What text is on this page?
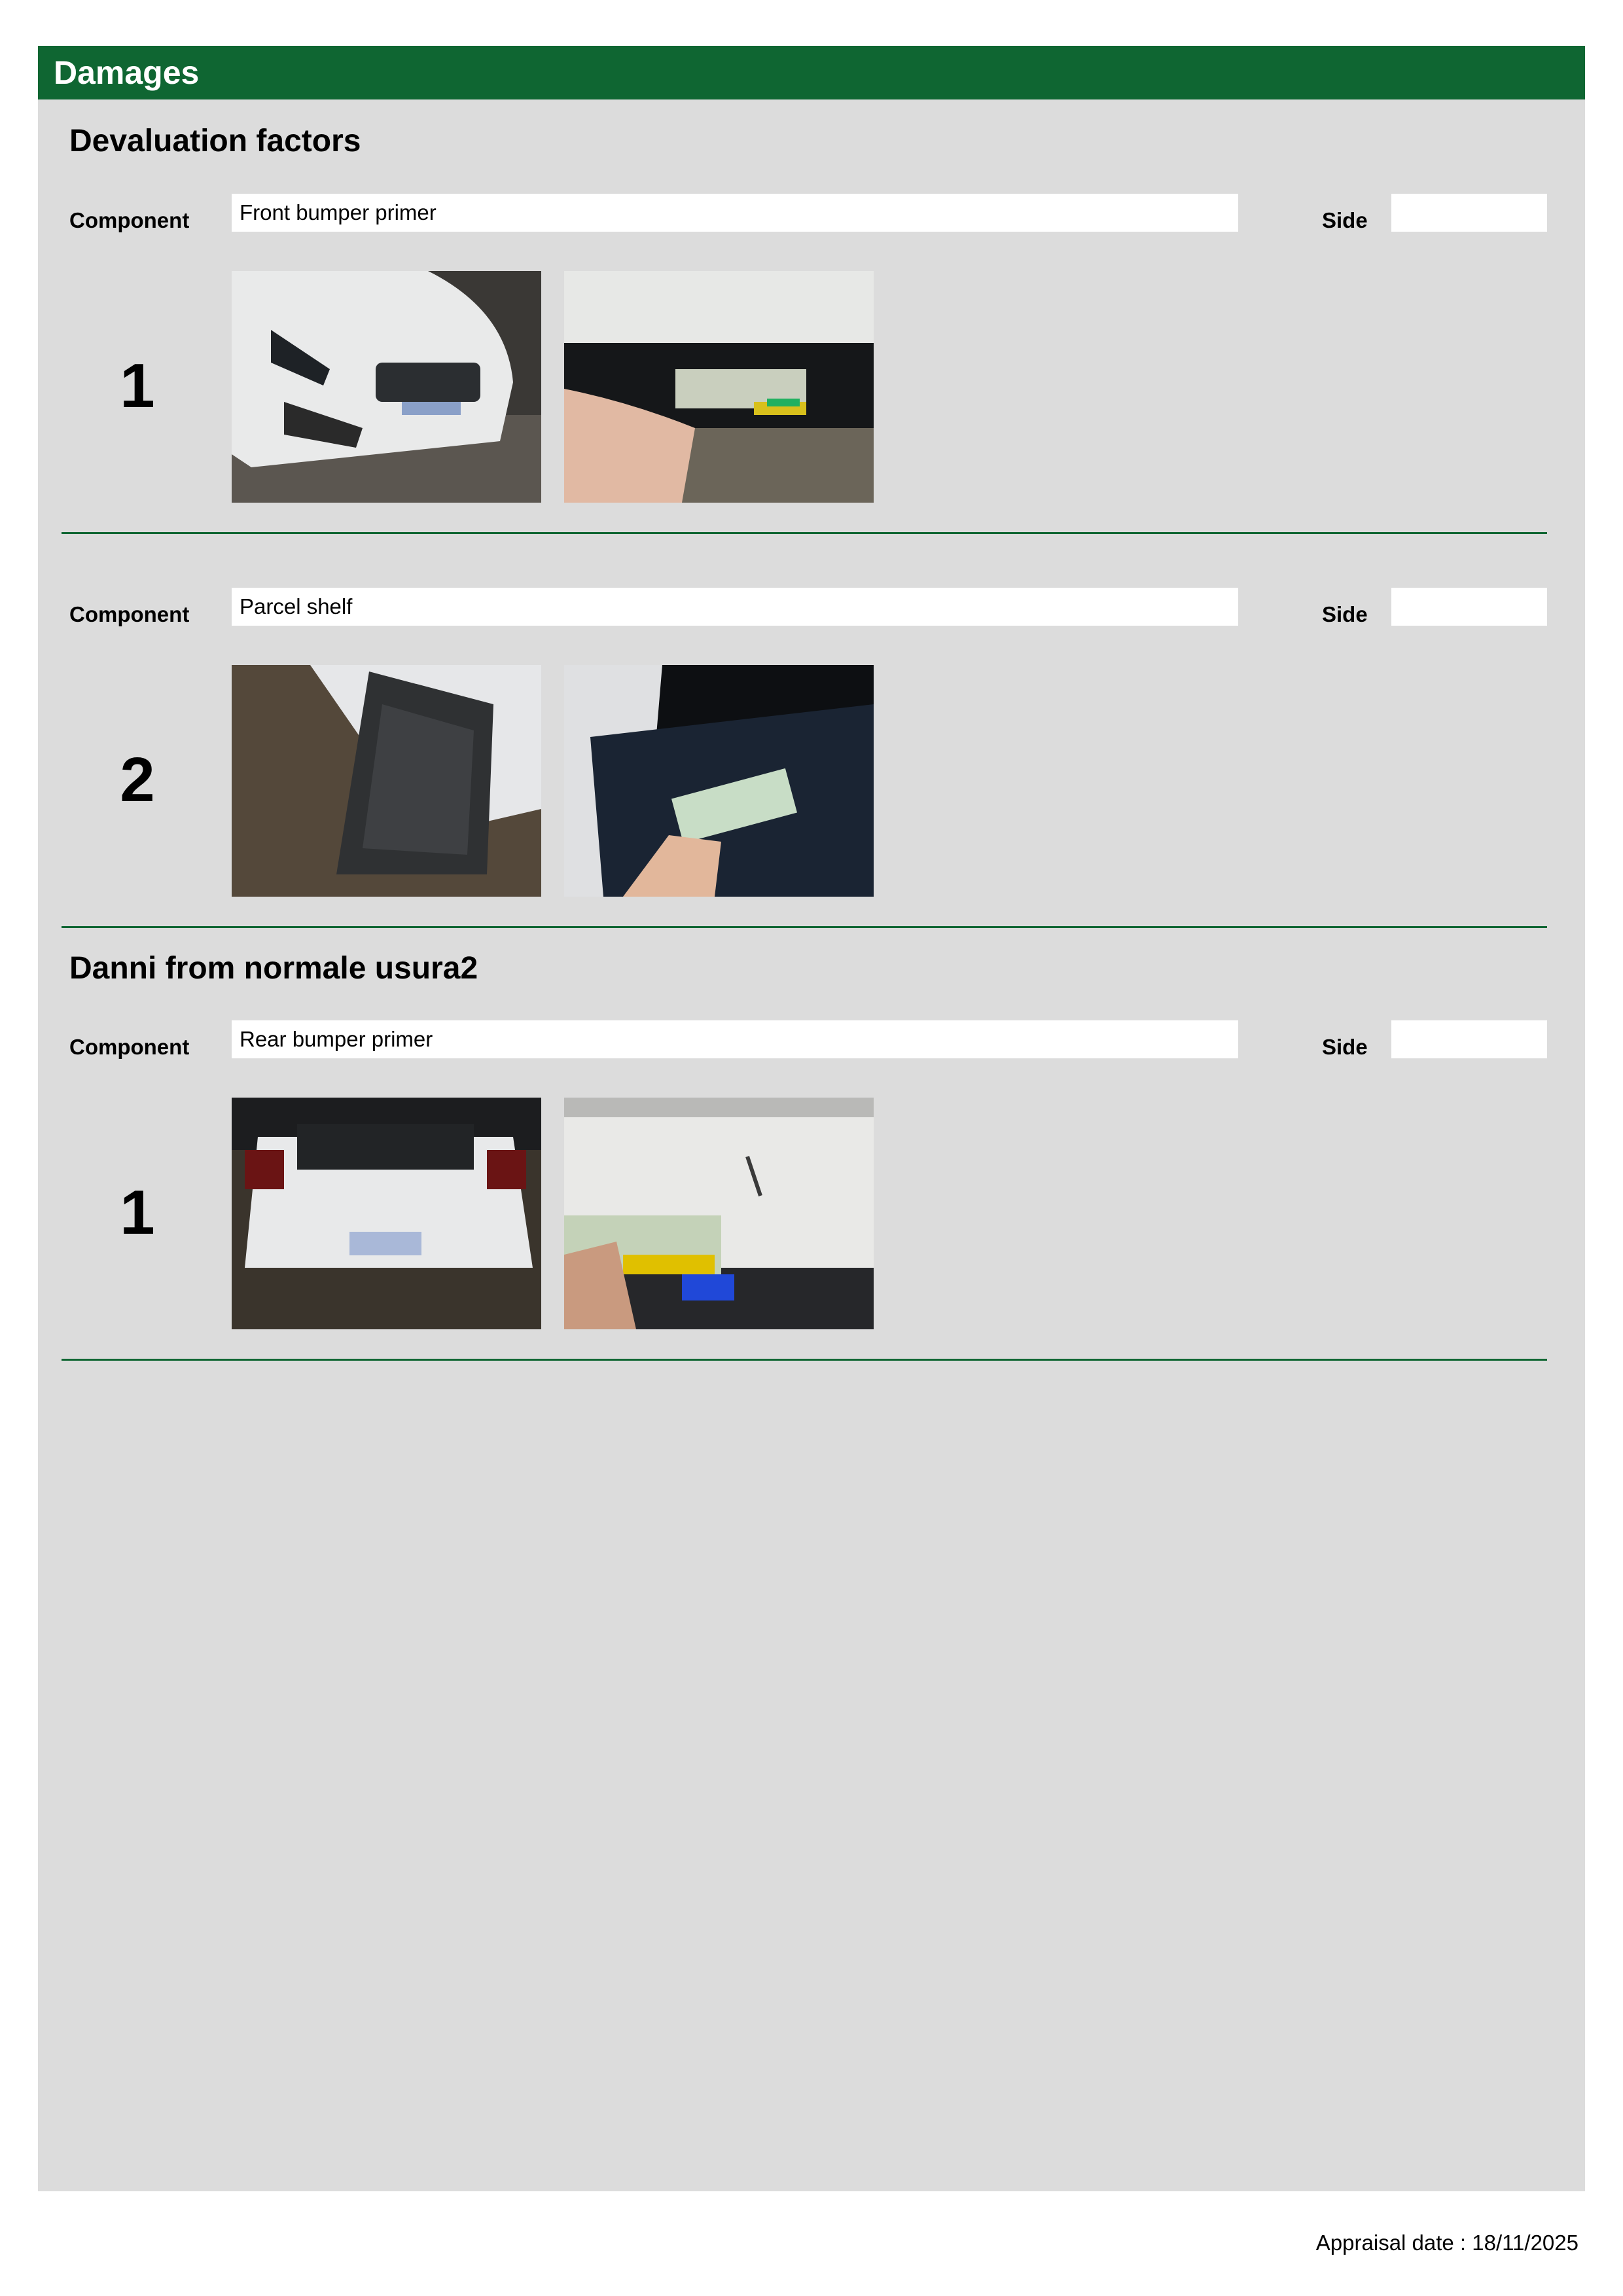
Damages
Devaluation factors
Component	Front bumper primer	Side
1
Component	Parcel shelf	Side
2
Danni from normale usura2
Component	Rear bumper primer	Side
1
Appraisal date : 18/11/2025
